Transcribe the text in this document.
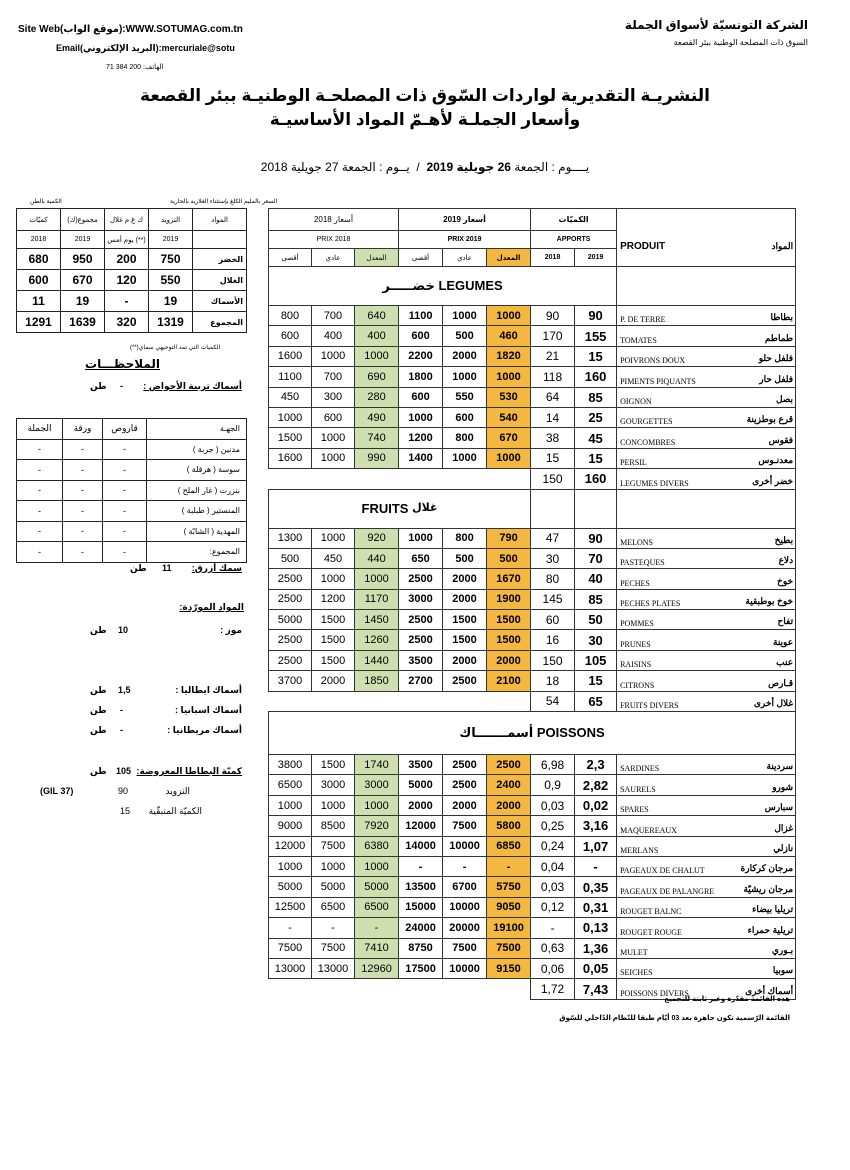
Site Web(موقع الواب):WWW.SOTUMAG.com.tn
Email(البريد الإلكتروني):mercuriale@sotu
الهاتف: 200 384 71
الشركة التونسيّة لأسواق الجملة
السوق ذات المصلحة الوطنية ببئر القصعة
النشريـة التقديرية لواردات السّوق ذات المصلحـة الوطنيـة ببئر القصعة
وأسعار الجملـة لأهـمّ المواد الأساسيـة
يــــوم : الجمعة 26 جويلية 2019  /  يــوم : الجمعة 27 جويلية 2018
السعر بالمليم الكلغ بإستثناء الغلاريه بالحارية
الكمية بالطن
كميّات	مجموع(ك)	ك غ م غلال	التزويد	المواد
2018	2019	يوم أمس (**)	2019	
680	950	200	750	الخضر
600	670	120	550	الغلال
11	19	-	19	الأسماك
1291	1639	320	1319	المجموع
الكميات التي تمد التوجيهي سماي(**)
الملاحظـــات
أسماك تربية الأحواض :
-
طن
الجملة	ورقة	قاروص	الجهـة
-	-	-	مدنين ( جربة )
-	-	-	سوسة ( هرقلة )
-	-	-	بنزرت ( غار الملح )
-	-	-	المنستير ( طبلبة )
-	-	-	المهدية ( الشابّة )
-	-	-	المجموع:
سمك أزرق:
11
طن
المواد المورّدة:
موز :
10
طن
أسماك ايطاليا :
1,5
طن
أسماك اسبانيا :
-
طن
أسماك مريطانيا :
-
طن
كميّة البطاطا المعروضة:
105
طن
(GIL 37)	90	التزويد
15 الكميّة المتبقّية
أسعار 2018			أسعار 2019			الكميّات		PRODUIT المواد

PRIX 2018			PRIX 2019			APPORTS		
أقصى	عادي	المعدل	أقصى	عادي	المعدل	2018	2019	
خضـــــر LEGUMES								
800	700	640	1100	1000	1000	90	90	P. DE TERRE بطاطا

600	400	400	600	500	460	170	155	TOMATES طماطم

1600	1000	1000	2200	2000	1820	21	15	POIVRONS DOUX فلفل حلو

1100	700	690	1800	1000	1000	118	160	PIMENTS PIQUANTS فلفل حار

450	300	280	600	550	530	64	85	OIGNON بصل

1000	600	490	1000	600	540	14	25	GOURGETTES قرع بوطزينة

1500	1000	740	1200	800	670	38	45	CONCOMBRES فقوس

1600	1000	990	1400	1000	1000	15	15	PERSIL معدنـوس

						150	160	LEGUMES DIVERS خضر أخرى

FRUITS $^{غلال}$			
1300	1000	920	1000	800	790	47	90	MELONS بطيخ

500	450	440	650	500	500	30	70	PASTEQUES دلاع

2500	1000	1000	2500	2000	1670	80	40	PECHES خوخ

2500	1200	1170	3000	2000	1900	145	85	PECHES PLATES خوخ بوطبقية

5000	1500	1450	2500	1500	1500	60	50	POMMES تفاح

2500	1500	1260	2500	1500	1500	16	30	PRUNES عوينة

2500	1500	1440	3500	2000	2000	150	105	RAISINS عنب

3700	2000	1850	2700	2500	2100	18	15	CITRONS قـارص

						54	65	FRUITS DIVERS غلال أخرى

أسمـــــــاك POISSONS								
3800	1500	1740	3500	2500	2500	6,98	2,3	SARDINES سردينة

6500	3000	3000	5000	2500	2400	0,9	2,82	SAURELS شورو

1000	1000	1000	2000	2000	2000	0,03	0,02	SPARES سبارس

9000	8500	7920	12000	7500	5800	0,25	3,16	MAQUEREAUX غزال

12000	7500	6380	14000	10000	6850	0,24	1,07	MERLANS نازلي

1000	1000	1000	-	-	-	0,04	-	PAGEAUX DE CHALUT مرجان كركارة

5000	5000	5000	13500	6700	5750	0,03	0,35	PAGEAUX DE PALANGRE مرجان ريشيّة

12500	6500	6500	15000	10000	9050	0,12	0,31	ROUGET BALNC تريليا بيضاء

-	-	-	24000	20000	19100	-	0,13	ROUGET ROUGE تريلية حمراء

7500	7500	7410	8750	7500	7500	0,63	1,36	MULET بـوري

13000	13000	12960	17500	10000	9150	0,06	0,05	SEICHES سوبيا

						1,72	7,43	POISSONS DIVERS أسماك أخرى
هذه القائمة مقدّرة وغير ثابتة للتجميع
القائمة الرّسمية تكون جاهزة بعد 03 أيّام طبقا للنّظام الدّاخلي للسّوق
